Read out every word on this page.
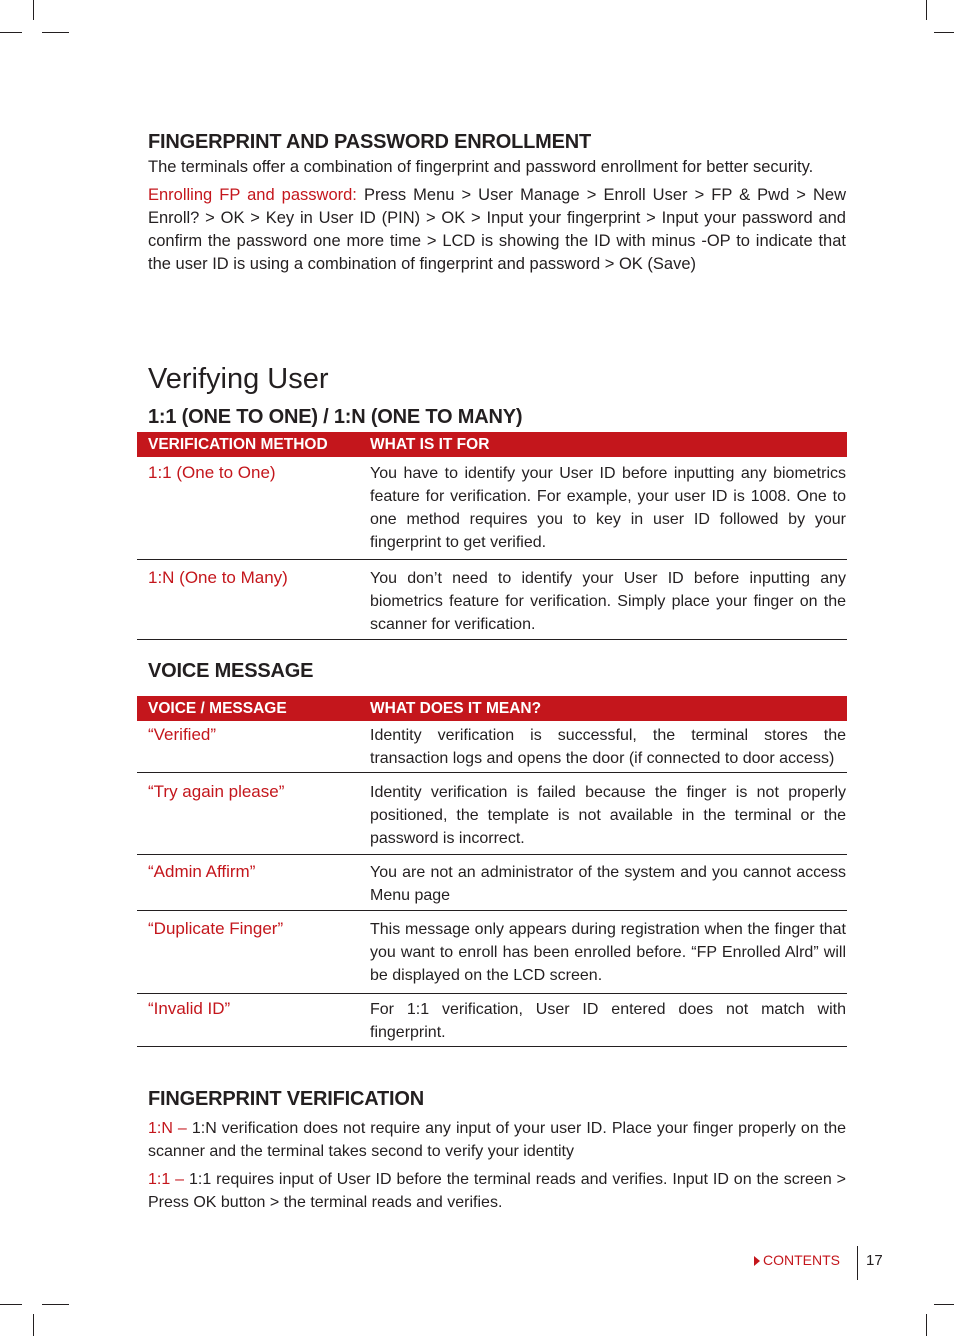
FINGERPRINT AND PASSWORD ENROLLMENT

The terminals offer a combination of fingerprint and password enrollment for better security.

Enrolling FP and password: Press Menu > User Manage > Enroll User > FP & Pwd > New Enroll? > OK > Key in User ID (PIN) > OK > Input your fingerprint > Input your password and confirm the password one more time > LCD is showing the ID with minus -OP to indicate that the user ID is using a combination of fingerprint and password > OK (Save)

Verifying User
1:1 (ONE TO ONE) / 1:N (ONE TO MANY)
VERIFICATION METHOD	WHAT IS IT FOR
1:1 (One to One)	You have to identify your User ID before inputting any biometrics feature for verification. For example, your user ID is 1008. One to one method requires you to key in user ID followed by your fingerprint to get verified.
1:N (One to Many)	You don’t need to identify your User ID before inputting any biometrics feature for verification. Simply place your finger on the scanner for verification.
VOICE MESSAGE
VOICE / MESSAGE	WHAT DOES IT MEAN?
“Verified”	Identity verification is successful, the terminal stores the transaction logs and opens the door (if connected to door access)
“Try again please”	Identity verification is failed because the finger is not properly positioned, the template is not available in the terminal or the password is incorrect.
“Admin Affirm”	You are not an administrator of the system and you cannot access Menu page
“Duplicate Finger”	This message only appears during registration when the finger that you want to enroll has been enrolled before. “FP Enrolled Alrd” will be displayed on the LCD screen.
“Invalid ID”	For 1:1 verification, User ID entered does not match with fingerprint.
FINGERPRINT VERIFICATION

1:N – 1:N verification does not require any input of your user ID. Place your finger properly on the scanner and the terminal takes second to verify your identity

1:1 – 1:1 requires input of User ID before the terminal reads and verifies. Input ID on the screen > Press OK button > the terminal reads and verifies.

CONTENTS 17
